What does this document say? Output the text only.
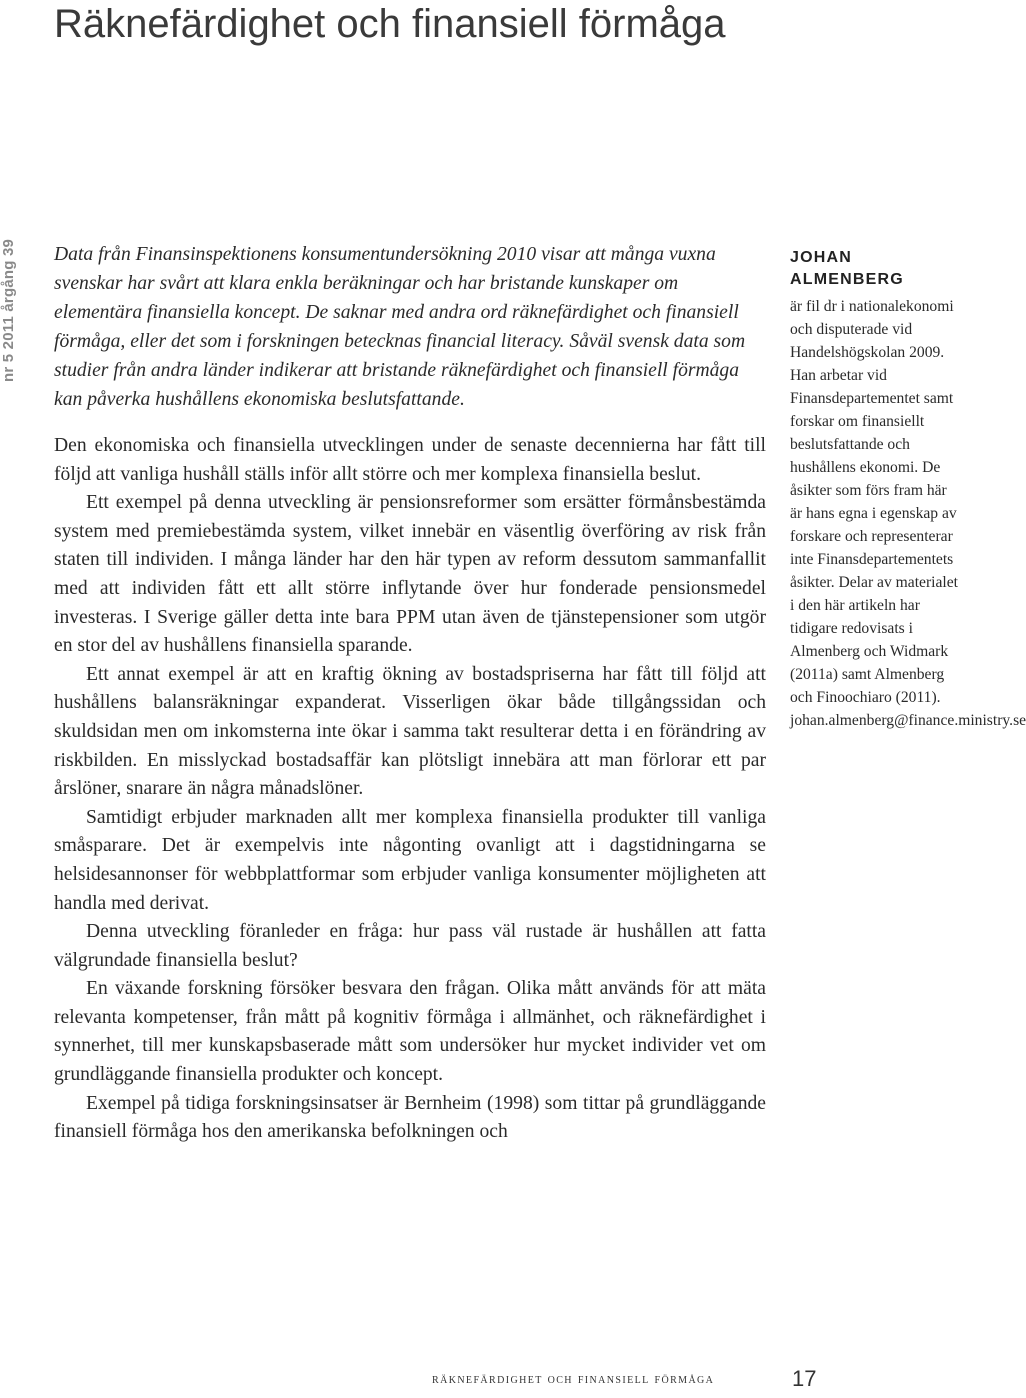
Räknefärdighet och finansiell förmåga
nr 5 2011 årgång 39 Data från Finansinspektionens konsumentundersökning 2010 visar att många vuxna svenskar har svårt att klara enkla beräkningar och har bristande kunskaper om elementära finansiella koncept. De saknar med andra ord räknefärdighet och finansiell förmåga, eller det som i forskningen betecknas financial literacy. Såväl svensk data som studier från andra länder indikerar att bristande räknefärdighet och finansiell förmåga kan påverka hushållens ekonomiska beslutsfattande.

Den ekonomiska och finansiella utvecklingen under de senaste decennierna har fått till följd att vanliga hushåll ställs inför allt större och mer komplexa finansiella beslut.

Ett exempel på denna utveckling är pensionsreformer som ersätter förmånsbestämda system med premiebestämda system, vilket innebär en väsentlig överföring av risk från staten till individen. I många länder har den här typen av reform dessutom sammanfallit med att individen fått ett allt större inflytande över hur fonderade pensionsmedel investeras. I Sverige gäller detta inte bara PPM utan även de tjänstepensioner som utgör en stor del av hushållens finansiella sparande.

Ett annat exempel är att en kraftig ökning av bostadspriserna har fått till följd att hushållens balansräkningar expanderat. Visserligen ökar både tillgångssidan och skuldsidan men om inkomsterna inte ökar i samma takt resulterar detta i en förändring av riskbilden. En misslyckad bostadsaffär kan plötsligt innebära att man förlorar ett par årslöner, snarare än några månadslöner.

Samtidigt erbjuder marknaden allt mer komplexa finansiella produkter till vanliga småsparare. Det är exempelvis inte någonting ovanligt att i dagstidningarna se helsidesannonser för webbplattformar som erbjuder vanliga konsumenter möjligheten att handla med derivat.

Denna utveckling föranleder en fråga: hur pass väl rustade är hushållen att fatta välgrundade finansiella beslut?

En växande forskning försöker besvara den frågan. Olika mått används för att mäta relevanta kompetenser, från mått på kognitiv förmåga i allmänhet, och räknefärdighet i synnerhet, till mer kunskapsbaserade mått som undersöker hur mycket individer vet om grundläggande finansiella produkter och koncept.

Exempel på tidiga forskningsinsatser är Bernheim (1998) som tittar på grundläggande finansiell förmåga hos den amerikanska befolkningen och

JOHAN ALMENBERG

är fil dr i nationalekonomi och disputerade vid Handelshögskolan 2009. Han arbetar vid Finansdepartementet samt forskar om finansiellt beslutsfattande och hushållens ekonomi. De åsikter som förs fram här är hans egna i egenskap av forskare och representerar inte Finansdepartementets åsikter. Delar av materialet i den här artikeln har tidigare redovisats i Almenberg och Widmark (2011a) samt Almenberg och Finoochiaro (2011). johan.almenberg@finance.ministry.se

räknefärdighet och finansiell förmåga	17
